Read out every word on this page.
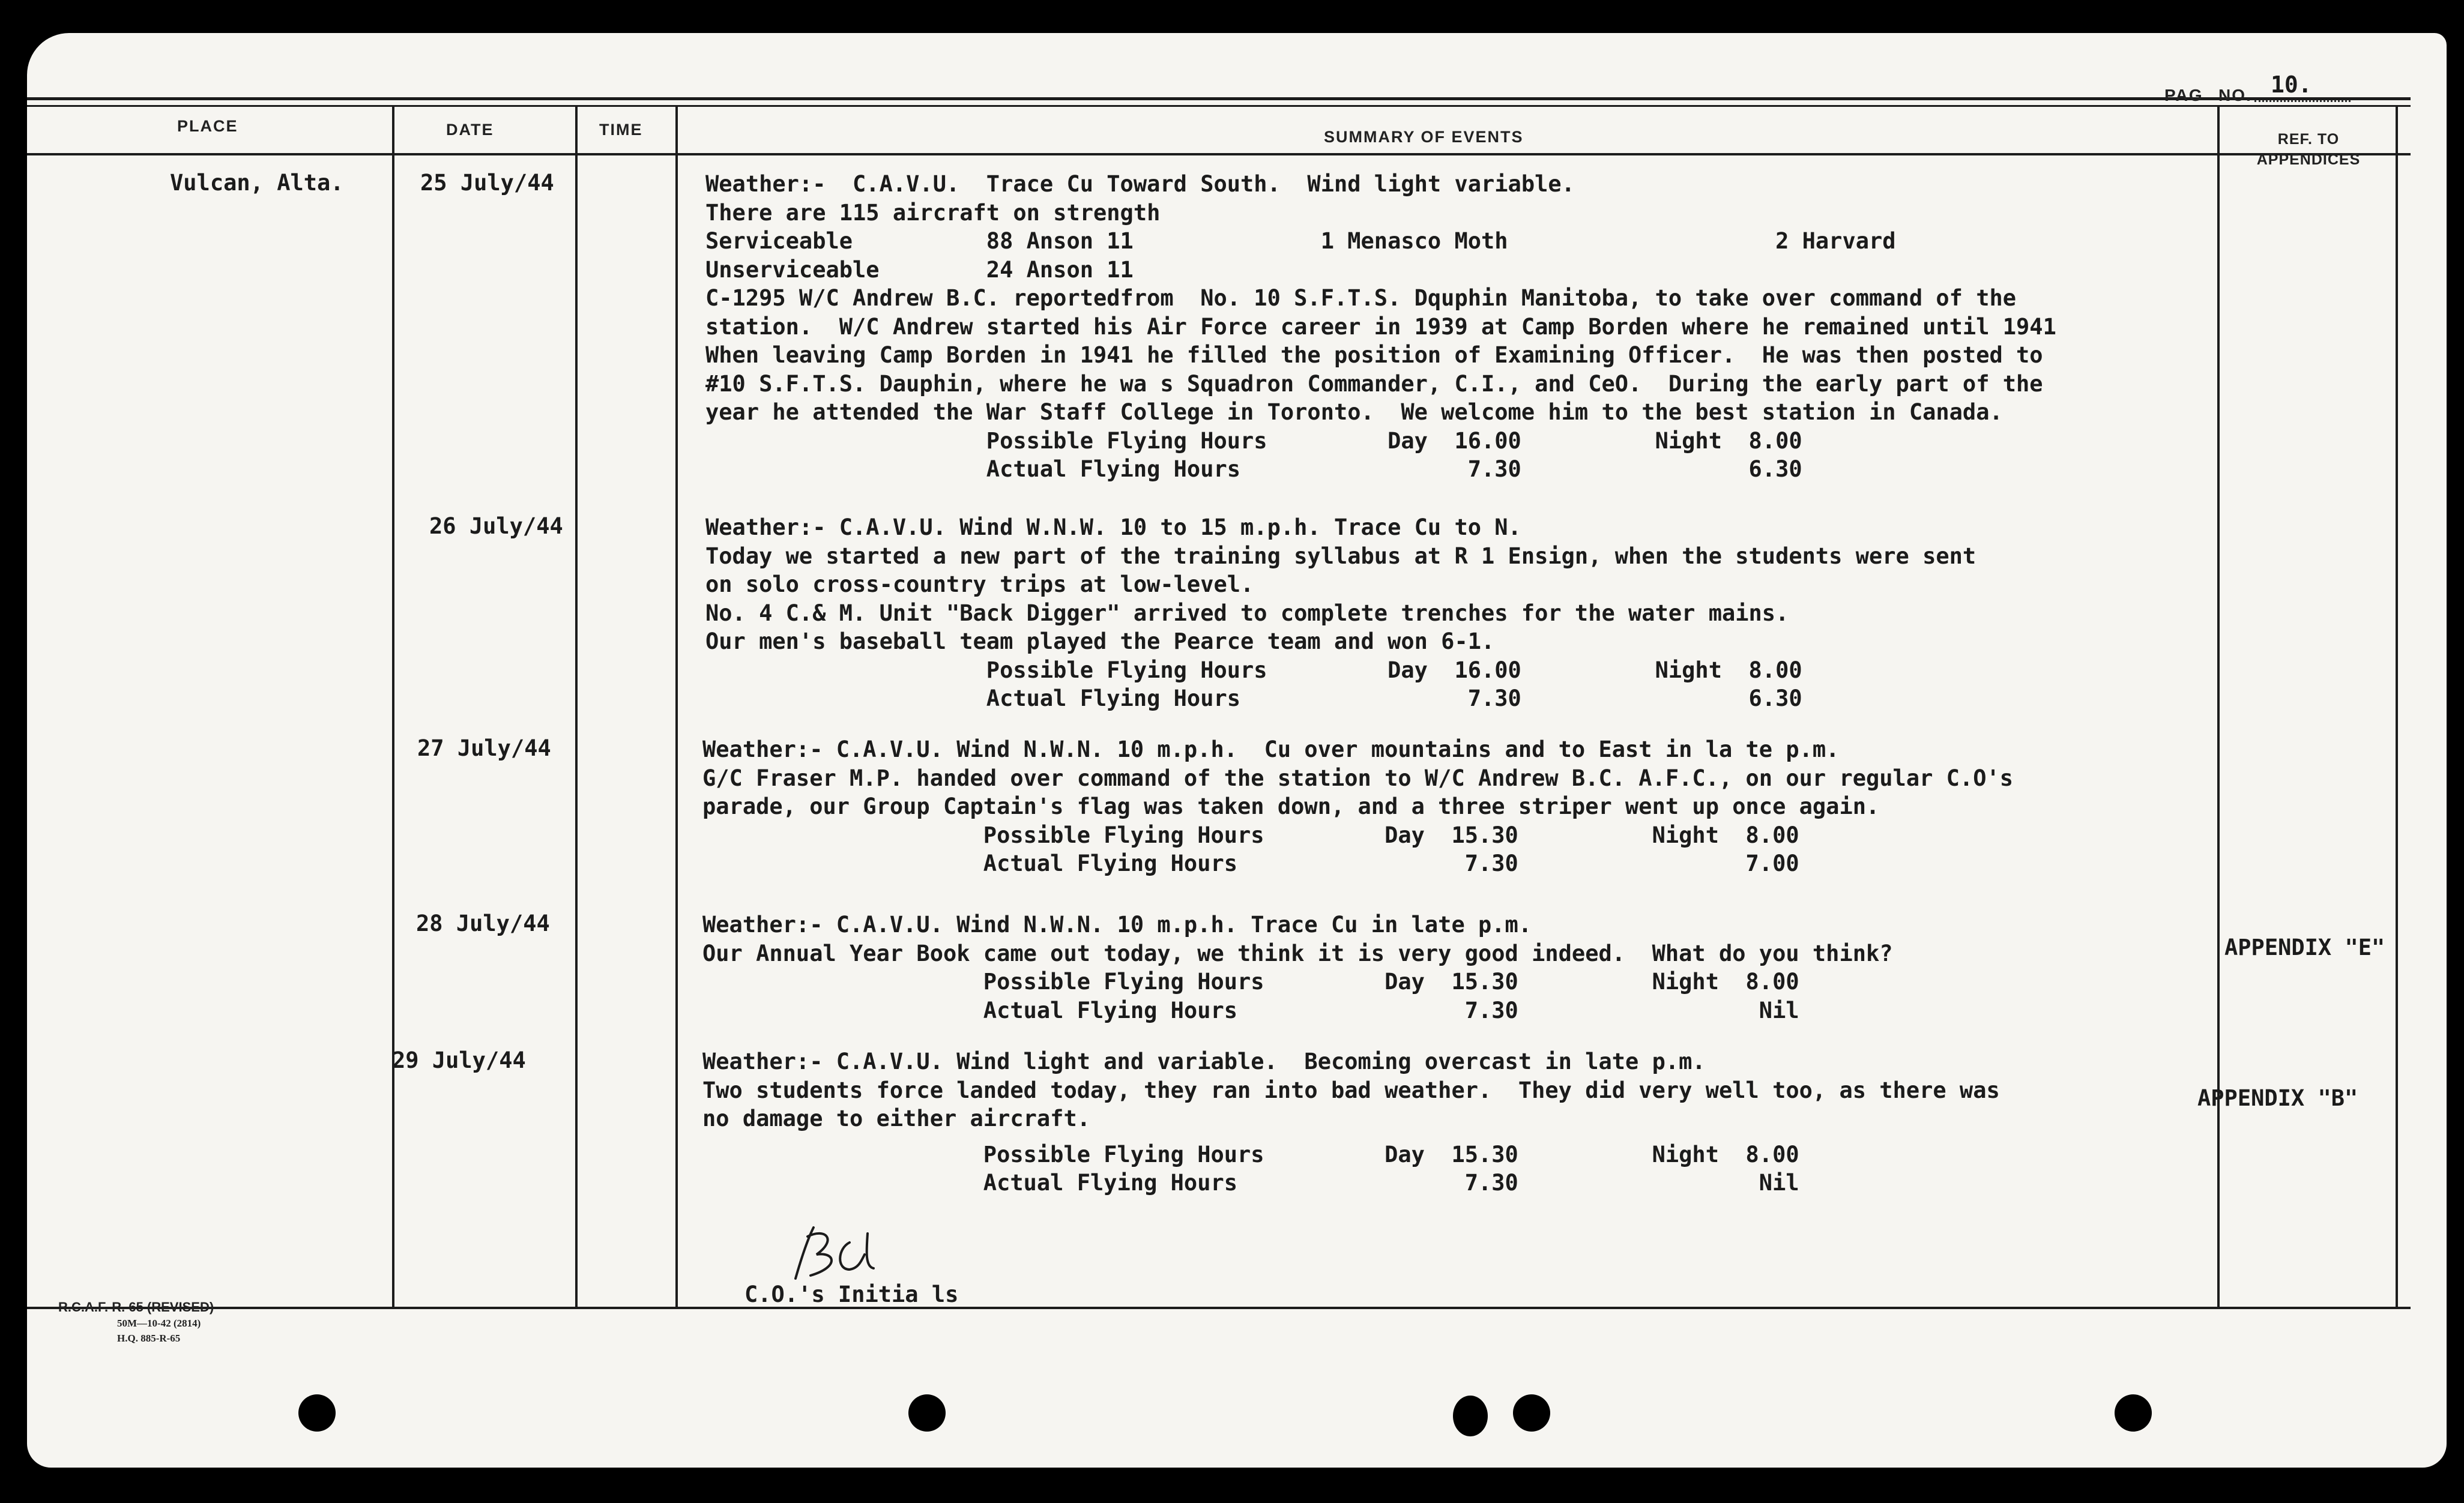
PAG NO. 10.
PLACE	DATE	TIME	SUMMARY OF EVENTS	REF. TO
APPENDICES
Vulcan, Alta.	25 July/44	Weather:-  C.A.V.U.  Trace Cu Toward South.  Wind light variable.
There are 115 aircraft on strength
Serviceable          88 Anson 11              1 Menasco Moth                    2 Harvard
Unserviceable        24 Anson 11
C-1295 W/C Andrew B.C. reportedfrom  No. 10 S.F.T.S. Dquphin Manitoba, to take over command of the
station.  W/C Andrew started his Air Force career in 1939 at Camp Borden where he remained until 1941
When leaving Camp Borden in 1941 he filled the position of Examining Officer.  He was then posted to
#10 S.F.T.S. Dauphin, where he wa s Squadron Commander, C.I., and CeO.  During the early part of the
year he attended the War Staff College in Toronto.  We welcome him to the best station in Canada.
Possible Flying Hours         Day  16.00          Night  8.00
Actual Flying Hours                 7.30                 6.30
26 July/44	Weather:- C.A.V.U. Wind W.N.W. 10 to 15 m.p.h. Trace Cu to N.
Today we started a new part of the training syllabus at R 1 Ensign, when the students were sent
on solo cross-country trips at low-level.
No. 4 C.& M. Unit "Back Digger" arrived to complete trenches for the water mains.
Our men's baseball team played the Pearce team and won 6-1.
Possible Flying Hours         Day  16.00          Night  8.00
Actual Flying Hours                 7.30                 6.30
27 July/44	Weather:- C.A.V.U. Wind N.W.N. 10 m.p.h.  Cu over mountains and to East in la te p.m.
G/C Fraser M.P. handed over command of the station to W/C Andrew B.C. A.F.C., on our regular C.O's
parade, our Group Captain's flag was taken down, and a three striper went up once again.
Possible Flying Hours         Day  15.30          Night  8.00
Actual Flying Hours                 7.30                 7.00
28 July/44	Weather:- C.A.V.U. Wind N.W.N. 10 m.p.h. Trace Cu in late p.m.
Our Annual Year Book came out today, we think it is very good indeed.  What do you think?
Possible Flying Hours         Day  15.30          Night  8.00
Actual Flying Hours                 7.30                  Nil
APPENDIX "E"
29 July/44	Weather:- C.A.V.U. Wind light and variable.  Becoming overcast in late p.m.
Two students force landed today, they ran into bad weather.  They did very well too, as there was
no damage to either aircraft.
Possible Flying Hours         Day  15.30          Night  8.00
Actual Flying Hours                 7.30                  Nil
APPENDIX "B"
C.O.'s Initia ls
R.C.A.F. R. 65 (REVISED)
50M—10-42 (2814)
H.Q. 885-R-65
